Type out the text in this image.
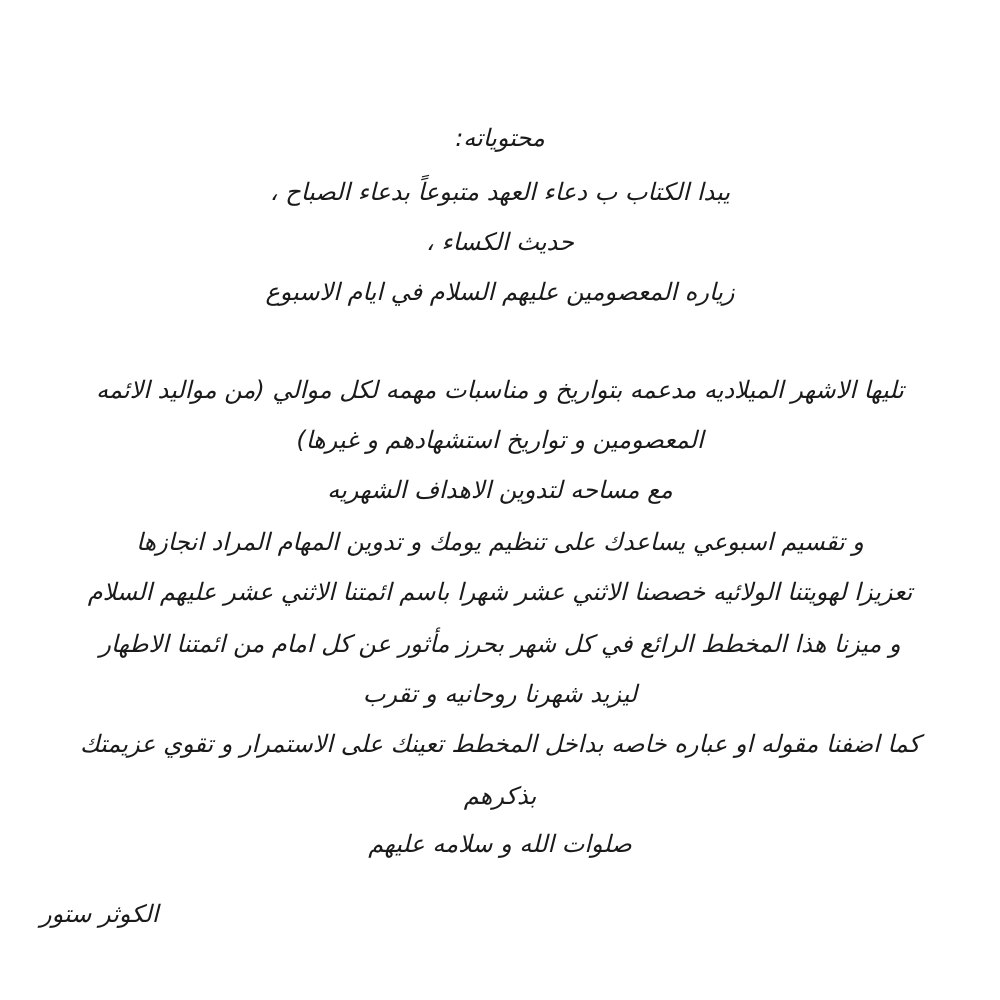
محتوياته:
يبدا الكتاب ب دعاء العهد متبوعاً بدعاء الصباح ،
حديث الكساء ،
زياره المعصومين عليهم السلام في ايام الاسبوع
تليها الاشهر الميلاديه مدعمه بتواريخ و مناسبات مهمه لكل موالي (من مواليد الائمه
المعصومين و تواريخ استشهادهم و غيرها)
مع مساحه لتدوين الاهداف الشهريه
و تقسيم اسبوعي يساعدك على تنظيم يومك و تدوين المهام المراد انجازها
تعزيزا لهويتنا الولائيه خصصنا الاثني عشر شهرا باسم ائمتنا الاثني عشر عليهم السلام
و ميزنا هذا المخطط الرائع في كل شهر بحرز مأثور عن كل امام من ائمتنا الاطهار
ليزيد شهرنا روحانيه و تقرب
كما اضفنا مقوله او عباره خاصه بداخل المخطط تعينك على الاستمرار و تقوي عزيمتك
بذكرهم
صلوات الله و سلامه عليهم
الكوثر ستور
